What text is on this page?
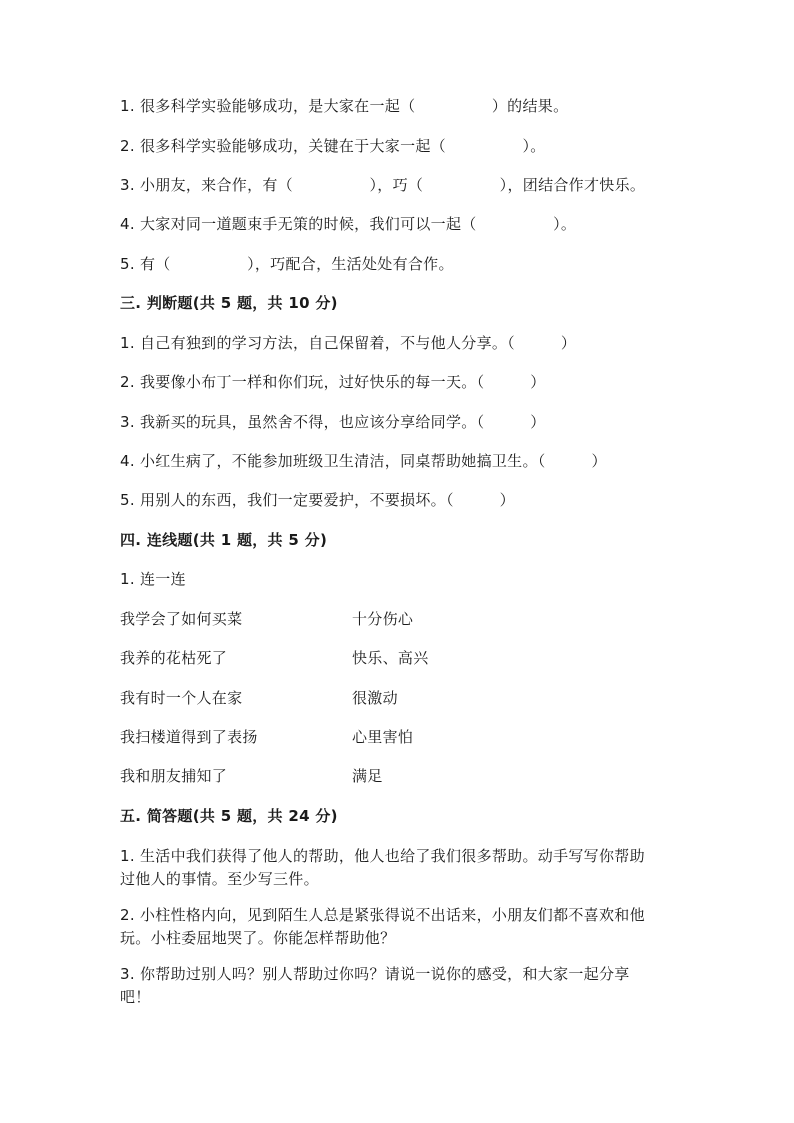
1. 很多科学实验能够成功，是大家在一起（　　　　　）的结果。
2. 很多科学实验能够成功，关键在于大家一起（　　　　　）。
3. 小朋友，来合作，有（　　　　　），巧（　　　　　），团结合作才快乐。
4. 大家对同一道题束手无策的时候，我们可以一起（　　　　　）。
5. 有（　　　　　），巧配合，生活处处有合作。
三. 判断题(共 5 题，共 10 分)
1. 自己有独到的学习方法，自己保留着，不与他人分享。（　　　）
2. 我要像小布丁一样和你们玩，过好快乐的每一天。（　　　）
3. 我新买的玩具，虽然舍不得，也应该分享给同学。（　　　）
4. 小红生病了，不能参加班级卫生清洁，同桌帮助她搞卫生。（　　　）
5. 用别人的东西，我们一定要爱护，不要损坏。（　　　）
四. 连线题(共 1 题，共 5 分)
1. 连一连
我学会了如何买菜	十分伤心
我养的花枯死了	快乐、高兴
我有时一个人在家	很激动
我扫楼道得到了表扬	心里害怕
我和朋友捕知了	满足
五. 简答题(共 5 题，共 24 分)
1. 生活中我们获得了他人的帮助，他人也给了我们很多帮助。动手写写你帮助过他人的事情。至少写三件。
2. 小柱性格内向，见到陌生人总是紧张得说不出话来，小朋友们都不喜欢和他玩。小柱委屈地哭了。你能怎样帮助他？
3. 你帮助过别人吗？别人帮助过你吗？请说一说你的感受，和大家一起分享吧！
